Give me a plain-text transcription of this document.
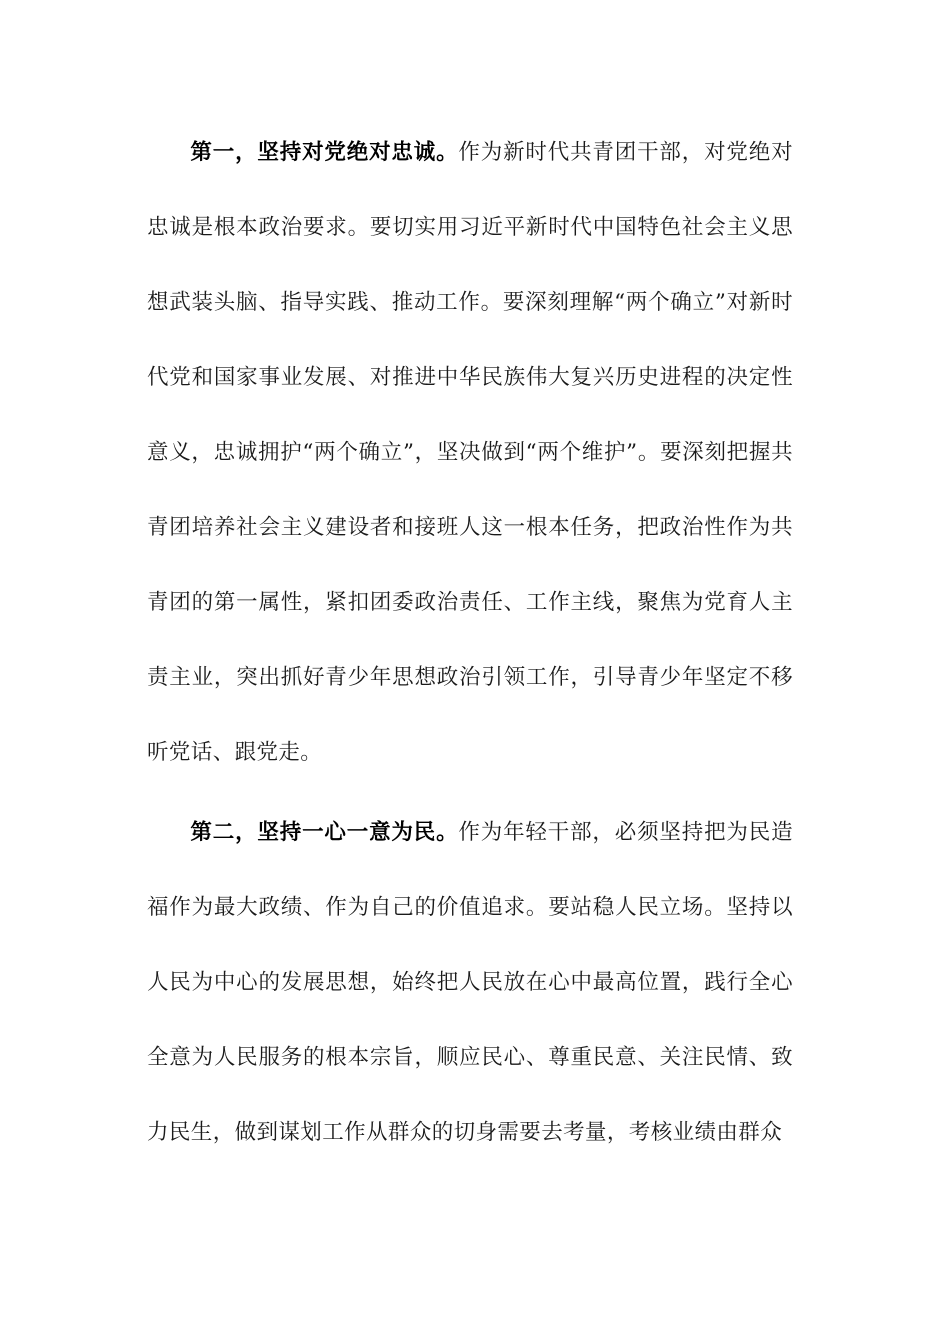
第一，坚持对党绝对忠诚。作为新时代共青团干部，对党绝对忠诚是根本政治要求。要切实用习近平新时代中国特色社会主义思想武装头脑、指导实践、推动工作。要深刻理解“两个确立”对新时代党和国家事业发展、对推进中华民族伟大复兴历史进程的决定性意义，忠诚拥护“两个确立”，坚决做到“两个维护”。要深刻把握共青团培养社会主义建设者和接班人这一根本任务，把政治性作为共青团的第一属性，紧扣团委政治责任、工作主线，聚焦为党育人主责主业，突出抓好青少年思想政治引领工作，引导青少年坚定不移听党话、跟党走。

第二，坚持一心一意为民。作为年轻干部，必须坚持把为民造福作为最大政绩、作为自己的价值追求。要站稳人民立场。坚持以人民为中心的发展思想，始终把人民放在心中最高位置，践行全心全意为人民服务的根本宗旨，顺应民心、尊重民意、关注民情、致力民生，做到谋划工作从群众的切身需要去考量，考核业绩由群众
